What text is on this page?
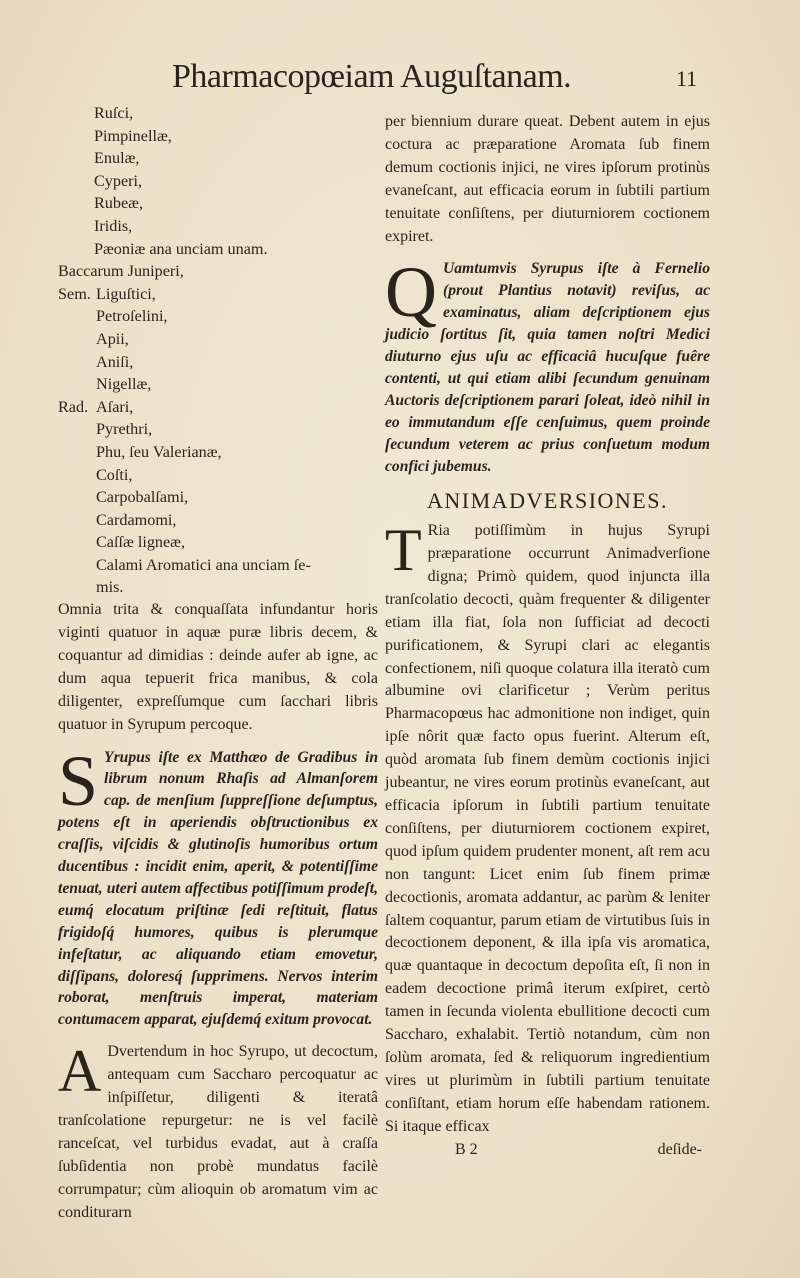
Pharmacopœiam Auguſtanam.	11
Ruſci,
Pimpinellæ,
Enulæ,
Cyperi,
Rubeæ,
Iridis,
Pæoniæ ana unciam unam.
Baccarum Juniperi,
Sem. Liguſtici,
Petroſelini,
Apii,
Aniſi,
Nigellæ,
Rad. Aſari,
Pyrethri,
Phu, ſeu Valerianæ,
Coſti,
Carpobalſami,
Cardamomi,
Caſſæ ligneæ,
Calami Aromatici ana unciam ſe-
mis.

Omnia trita & conquaſſata infundantur horis viginti quatuor in aquæ puræ libris decem, & coquantur ad dimidias : deinde aufer ab igne, ac dum aqua tepuerit frica manibus, & cola diligenter, expreſſumque cum ſacchari libris quatuor in Syrupum percoque.

S Yrupus iſte ex Matthæo de Gradibus in librum nonum Rhaſis ad Almanſorem cap. de menſium ſuppreſſione deſumptus, potens eſt in aperiendis obſtructionibus ex craſſis, viſcidis & glutinoſis humoribus ortum ducentibus : incidit enim, aperit, & potentiſſime tenuat, uteri autem affectibus potiſſimum prodeſt, eumq́ elocatum priſtinæ ſedi reſtituit, flatus frigidoſq́ humores, quibus is plerumque infeſtatur, ac aliquando etiam emovetur, diſſipans, doloresq́ ſupprimens. Nervos interim roborat, menſtruis imperat, materiam contumacem apparat, ejuſdemq́ exitum provocat.

A Dvertendum in hoc Syrupo, ut decoctum, antequam cum Saccharo percoquatur ac inſpiſſetur, diligenti & iteratâ tranſcolatione repurgetur: ne is vel facilè ranceſcat, vel turbidus evadat, aut à craſſa ſubſidentia non probè mundatus facilè corrumpatur; cùm alioquin ob aromatum vim ac conditurarn

per biennium durare queat. Debent autem in ejus coctura ac præparatione Aromata ſub finem demum coctionis injici, ne vires ipſorum protinùs evaneſcant, aut efficacia eorum in ſubtili partium tenuitate conſiſtens, per diuturniorem coctionem expiret.

Q Uamtumvis Syrupus iſte à Fernelio (prout Plantius notavit) reviſus, ac examinatus, aliam deſcriptionem ejus judicio ſortitus ſit, quia tamen noſtri Medici diuturno ejus uſu ac efficaciâ hucuſque fuêre contenti, ut qui etiam alibi ſecundum genuinam Auctoris deſcriptionem parari ſoleat, ideò nihil in eo immutandum eſſe cenſuimus, quem proinde ſecundum veterem ac prius conſuetum modum confici jubemus.

ANIMADVERSIONES.

T Ria potiſſimùm in hujus Syrupi præparatione occurrunt Animadverſione digna; Primò quidem, quod injuncta illa tranſcolatio decocti, quàm frequenter & diligenter etiam illa fiat, ſola non ſufficiat ad decocti purificationem, & Syrupi clari ac elegantis confectionem, niſi quoque colatura illa iteratò cum albumine ovi clarificetur ; Verùm peritus Pharmacopœus hac admonitione non indiget, quin ipſe nôrit quæ facto opus fuerint. Alterum eſt, quòd aromata ſub finem demùm coctionis injici jubeantur, ne vires eorum protinùs evaneſcant, aut efficacia ipſorum in ſubtili partium tenuitate conſiſtens, per diuturniorem coctionem expiret, quod ipſum quidem prudenter monent, aſt rem acu non tangunt: Licet enim ſub finem primæ decoctionis, aromata addantur, ac parùm & leniter ſaltem coquantur, parum etiam de virtutibus ſuis in decoctionem deponent, & illa ipſa vis aromatica, quæ quantaque in decoctum depoſita eſt, ſi non in eadem decoctione primâ iterum exſpiret, certò tamen in ſecunda violenta ebullitione decocti cum Saccharo, exhalabit. Tertiò notandum, cùm non ſolùm aromata, ſed & reliquorum ingredientium vires ut plurimùm in ſubtili partium tenuitate conſiſtant, etiam horum eſſe habendam rationem. Si itaque efficax

B 2	deſide-
